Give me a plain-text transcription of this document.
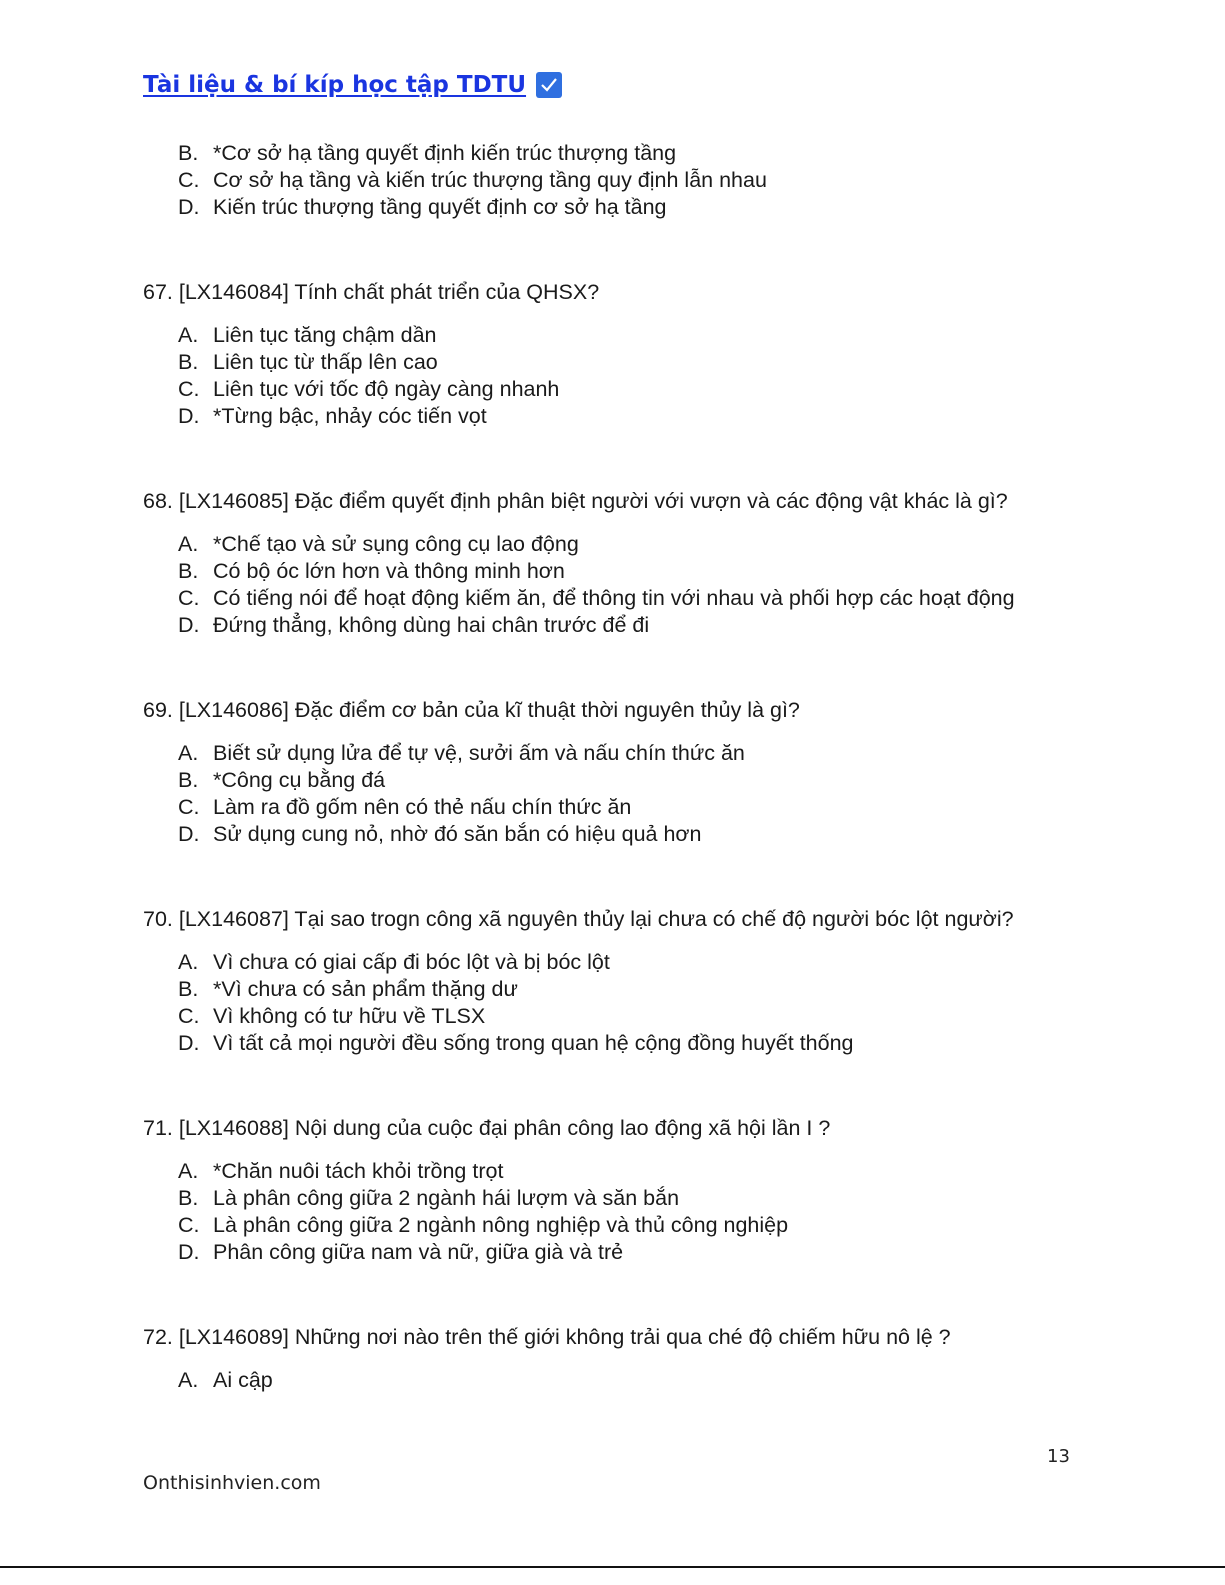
Tài liệu & bí kíp học tập TDTU
B. *Cơ sở hạ tầng quyết định kiến trúc thượng tầng
C. Cơ sở hạ tầng và kiến trúc thượng tầng quy định lẫn nhau
D. Kiến trúc thượng tầng quyết định cơ sở hạ tầng
67. [LX146084] Tính chất phát triển của QHSX?
A. Liên tục tăng chậm dần
B. Liên tục từ thấp lên cao
C. Liên tục với tốc độ ngày càng nhanh
D. *Từng bậc, nhảy cóc tiến vọt
68. [LX146085] Đặc điểm quyết định phân biệt người với vượn và các động vật khác là gì?
A. *Chế tạo và sử sụng công cụ lao động
B. Có bộ óc lớn hơn và thông minh hơn
C. Có tiếng nói để hoạt động kiếm ăn, để thông tin với nhau và phối hợp các hoạt động
D. Đứng thẳng, không dùng hai chân trước để đi
69. [LX146086] Đặc điểm cơ bản của kĩ thuật thời nguyên thủy là gì?
A. Biết sử dụng lửa để tự vệ, sưởi ấm và nấu chín thức ăn
B. *Công cụ bằng đá
C. Làm ra đồ gốm nên có thẻ nấu chín thức ăn
D. Sử dụng cung nỏ, nhờ đó săn bắn có hiệu quả hơn
70. [LX146087] Tại sao trogn công xã nguyên thủy lại chưa có chế độ người bóc lột người?
A. Vì chưa có giai cấp đi bóc lột và bị bóc lột
B. *Vì chưa có sản phẩm thặng dư
C. Vì không có tư hữu về TLSX
D. Vì tất cả mọi người đều sống trong quan hệ cộng đồng huyết thống
71. [LX146088] Nội dung của cuộc đại phân công lao động xã hội lần I ?
A. *Chăn nuôi tách khỏi trồng trọt
B. Là phân công giữa 2 ngành hái lượm và săn bắn
C. Là phân công giữa 2 ngành nông nghiệp và thủ công nghiệp
D. Phân công giữa nam và nữ, giữa già và trẻ
72. [LX146089] Những nơi nào trên thế giới không trải qua ché độ chiếm hữu nô lệ ?
A. Ai cập
13
Onthisinhvien.com
